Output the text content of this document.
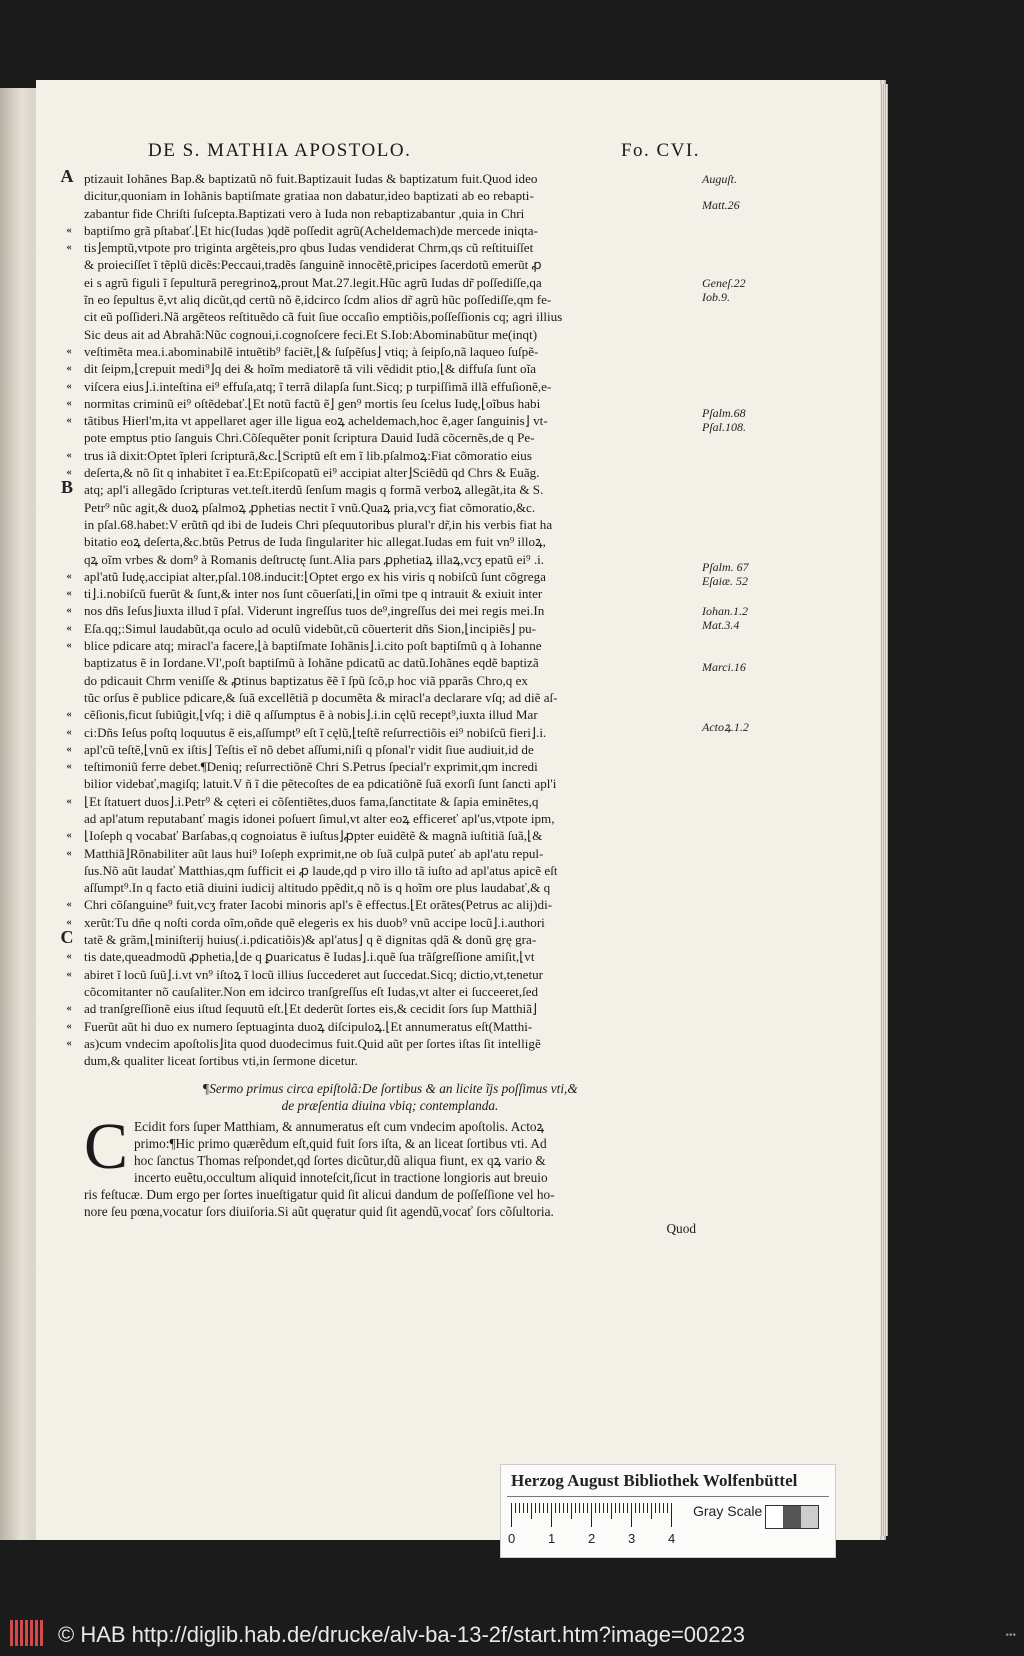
DE S. MATHIA APOSTOLO.	Fo. CVI.
A ptizauit Iohãnes Bap.& baptizatũ nõ fuit.Baptizauit Iudas & baptizatum fuit.Quod ideo
dicitur,quoniam in Iohãnis baptiſmate gratiaa non dabatur,ideo baptizati ab eo rebapti‑
zabantur fide Chriſti ſuſcepta.Baptizati vero à Iuda non rebaptizabantur ,quia in Chri
« baptiſmo grã pſtabať.⌊Et hic(Iudas )qdẽ poſſedit agrũ(Acheldemach)de mercede iniqta‑
« tis⌋emptũ,vtpote pro triginta argẽteis,pro qbus Iudas vendiderat Chrm,qs cũ reſtituiſſet
& proieciſſet ĩ tẽplũ dicẽs:Peccaui,tradẽs ſanguinẽ innocẽtẽ,pricipes ſacerdotũ emerũt ꝓ
ei s agrũ figuli ĩ ſepulturã peregrinoꝝ,prout Mat.27.legit.Hũc agrũ Iudas dr̃ poſſediſſe,qa
ĩn eo ſepultus ẽ,vt aliq dicũt,qd certũ nõ ẽ,idcirco ſcdm alios dr̃ agrũ hũc poſſediſſe,qm fe‑
cit eũ poſſideri.Nã argẽteos reſtituẽdo cã fuit ſiue occaſio emptiõis,poſſeſſionis cq; agri illius
Sic deus ait ad Abrahã:Nũc cognoui,i.cognoſcere feci.Et S.Iob:Abominabũtur me(inqt)
« veſtimẽta mea.i.abominabilẽ intuẽtib⁹ faciẽt,⌊& ſuſpẽſus⌋ vtiq; à ſeipſo,nã laqueo ſuſpẽ‑
« dit ſeipm,⌊crepuit medi⁹⌋q dei & hoĩm mediatorẽ tã vili vẽdidit ptio,⌊& diffuſa ſunt oĩa
« viſcera eius⌋.i.inteſtina ei⁹ effuſa,atq; ĩ terrã dilapſa ſunt.Sicq; p turpiſſimã illã effuſionẽ,e‑
« normitas criminũ ei⁹ oſtẽdebať.⌊Et notũ factũ ẽ⌋ gen⁹ mortis ſeu ſcelus Iudę,⌊oĩbus habi
« tãtibus Hierl'm,ita vt appellaret ager ille ligua eoꝝ acheldemach,hoc ẽ,ager ſanguinis⌋ vt‑
pote emptus ptio ſanguis Chri.Cõſequẽter ponit ſcriptura Dauid Iudã cõcernẽs,de q Pe‑
« trus iã dixit:Optet ĩpleri ſcripturã,&c.⌊Scriptũ eſt em ĩ lib.pſalmoꝝ:Fiat cõmoratio eius
« deſerta,& nõ ſit q inhabitet ĩ ea.Et:Epiſcopatũ ei⁹ accipiat alter⌋Sciẽdũ qd Chrs & Euãg.
B atq; apl'i allegãdo ſcripturas vet.teſt.iterdũ ſenſum magis q formã verboꝝ allegãt,ita & S.
Petr⁹ nũc agit,& duoꝝ pſalmoꝝ ꝓphetias nectit ĩ vnũ.Quaꝝ pria,vcʒ fiat cõmoratio,&c.
in pſal.68.habet:V erũtñ qd ibi de Iudeis Chri pſequutoribus plural'r dr̃,in his verbis fiat ha
bitatio eoꝝ deſerta,&c.btũs Petrus de Iuda ſingulariter hic allegat.Iudas em fuit vn⁹ illoꝝ,
qꝝ oĩm vrbes & dom⁹ à Romanis deſtructę ſunt.Alia pars ꝓphetiaꝝ illaꝝ,vcʒ epatũ ei⁹ .i.
« apl'atũ Iudę,accipiat alter,pſal.108.inducit:⌊Optet ergo ex his viris q nobiſcũ ſunt cõgrega
« ti⌋.i.nobiſcũ fuerũt & ſunt,& inter nos ſunt cõuerſati,⌊in oĩmi tpe q intrauit & exiuit inter
« nos dñs Ieſus⌋iuxta illud ĩ pſal. Viderunt ingreſſus tuos de⁹,ingreſſus dei mei regis mei.In
« Eſa.qq;:Simul laudabũt,qa oculo ad oculũ videbũt,cũ cõuerterit dñs Sion,⌊incipiẽs⌋ pu‑
« blice pdicare atq; miracl'a facere,⌊à baptiſmate Iohãnis⌋.i.cito poſt baptiſmũ q à Iohanne
baptizatus ẽ in Iordane.Vl',poſt baptiſmũ à Iohãne pdicatũ ac datũ.Iohãnes eqdẽ baptizã
do pdicauit Chrm veniſſe & ꝓtinus baptizatus ẽẽ ĩ ſpũ ſcõ,p hoc viã pparãs Chro,q ex
tũc orſus ẽ publice pdicare,& ſuã excellẽtiã p documẽta & miracl'a declarare vſq; ad diẽ aſ‑
« cẽſionis,ficut ſubiũgit,⌊vſq; i diẽ q aſſumptus ẽ à nobis⌋.i.in cęlũ recept⁹,iuxta illud Mar
« ci:Dñs Ieſus poſtq loquutus ẽ eis,aſſumpt⁹ eſt ĩ cęlũ,⌊teſtẽ reſurrectiõis ei⁹ nobiſcũ fieri⌋.i.
« apl'cũ teſtẽ,⌊vnũ ex iſtis⌋ Teſtis eĩ nõ debet aſſumi,niſi q pſonal'r vidit ſiue audiuit,id de
« teſtimoniũ ferre debet.¶Deniq; reſurrectiõnẽ Chri S.Petrus ſpecial'r exprimit,qm incredi
bilior videbať,magiſq; latuit.V ñ ĩ die pẽtecoſtes de ea pdicatiõnẽ ſuã exorſi ſunt ſancti apl'i
« ⌊Et ſtatuert duos⌋.i.Petr⁹ & cęteri ei cõſentiẽtes,duos fama,ſanctitate & ſapia eminẽtes,q
ad apl'atum reputabanť magis idonei poſuert ſimul,vt alter eoꝝ efficereť apl'us,vtpote ipm,
« ⌊Ioſeph q vocabať Barſabas,q cognoiatus ẽ iuſtus⌋ꝓpter euidẽtẽ & magnã iuſtitiã ſuã,⌊&
« Matthiã⌋Rõnabiliter aũt laus hui⁹ Ioſeph exprimit,ne ob ſuã culpã puteť ab apl'atu repul‑
ſus.Nõ aũt laudať Matthias,qm ſufficit ei ꝓ laude,qd p viro illo tã iuſto ad apl'atus apicẽ eſt
aſſumpt⁹.In q facto etiã diuini iudicij altitudo ppẽdit,q nõ is q hoĩm ore plus laudabať,& q
« Chri cõſanguine⁹ fuit,vcʒ frater Iacobi minoris apl's ẽ effectus.⌊Et orãtes(Petrus ac alij)di‑
« xerũt:Tu dñe q noſti corda oĩm,oñde quẽ elegeris ex his duob⁹ vnũ accipe locũ⌋.i.authori
C tatẽ & grãm,⌊miniſterij huius(.i.pdicatiõis)& apl'atus⌋ q ẽ dignitas qdã & donũ grę gra‑
« tis date,queadmodũ ꝓphetia,⌊de q ꝑuaricatus ẽ Iudas⌋.i.quẽ ſua trãſgreſſione amiſit,⌊vt
« abiret ĩ locũ ſuũ⌋.i.vt vn⁹ iſtoꝝ ĩ locũ illius ſuccederet aut ſuccedat.Sicq; dictio,vt,tenetur
cõcomitanter nõ cauſaliter.Non em idcirco tranſgreſſus eſt Iudas,vt alter ei ſucceeret,ſed
« ad tranſgreſſionẽ eius iſtud ſequutũ eſt.⌊Et dederũt ſortes eis,& cecidit ſors ſup Matthiã⌋
« Fuerũt aũt hi duo ex numero ſeptuaginta duoꝝ diſcipuloꝝ.⌊Et annumeratus eſt(Matthi‑
« as)cum vndecim apoſtolis⌋ita quod duodecimus fuit.Quid aũt per ſortes iſtas ſit intelligẽ
dum,& qualiter liceat ſortibus vti,in ſermone dicetur.
¶Sermo primus circa epiſtolã:De ſortibus & an licite ĩjs poſſimus vti,&
de præſentia diuina vbiq; contemplanda.
C Ecidit fors ſuper Matthiam, & annumeratus eſt cum vndecim apoſtolis. Actoꝝ
primo:¶Hic primo quærẽdum eſt,quid fuit ſors iſta, & an liceat ſortibus vti. Ad
hoc ſanctus Thomas reſpondet,qd ſortes dicũtur,dũ aliqua fiunt, ex qꝝ vario &
incerto euẽtu,occultum aliquid innoteſcit,ſicut in tractione longioris aut breuio
ris feſtucæ. Dum ergo per ſortes inueſtigatur quid ſit alicui dandum de poſſeſſione vel ho‑
nore ſeu pœna,vocatur ſors diuiſoria.Si aũt quęratur quid ſit agendũ,vocať ſors cõſultoria.
Quod
Auguſt.
Matt.26
Geneſ.22 Iob.9.
Pſalm.68 Pſal.108.
Pſalm. 67 Eſaiæ. 52
Iohan.1.2 Mat.3.4
Marci.16
Actoꝝ.1.2
Herzog August Bibliothek Wolfenbüttel
0	1	2	3	4
Gray Scale
© HAB http://diglib.hab.de/drucke/alv-ba-13-2f/start.htm?image=00223	•••
